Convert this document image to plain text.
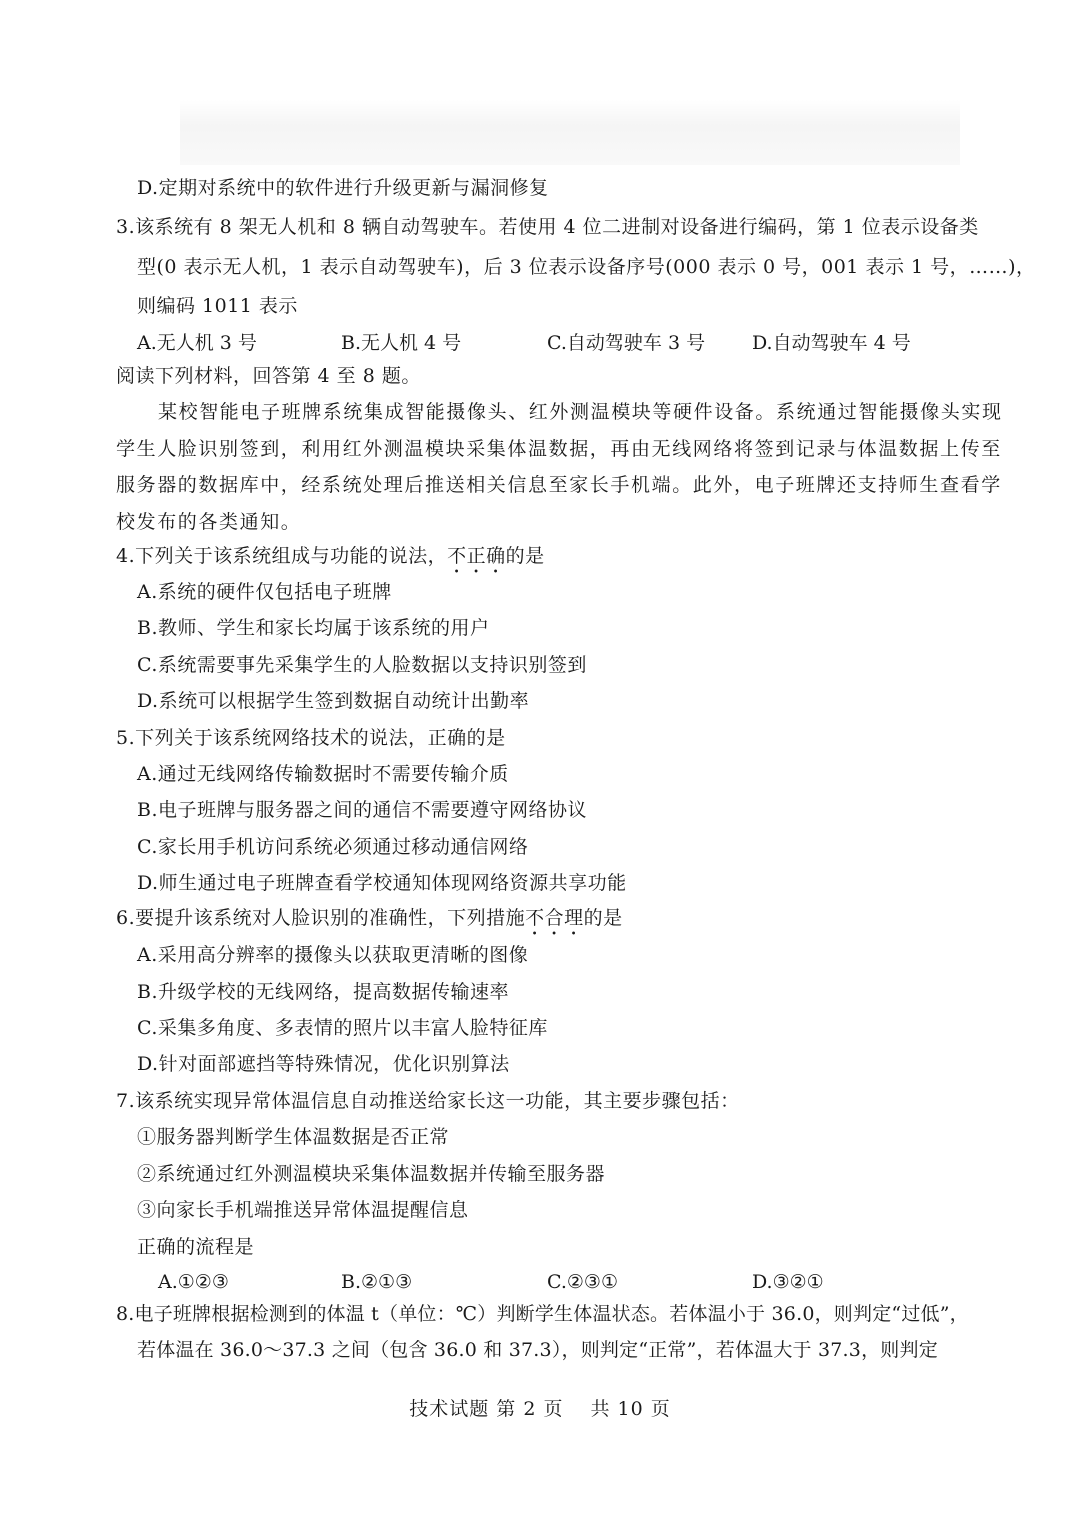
D.定期对系统中的软件进行升级更新与漏洞修复
3.该系统有 8 架无人机和 8 辆自动驾驶车。若使用 4 位二进制对设备进行编码，第 1 位表示设备类
型(0 表示无人机，1 表示自动驾驶车)，后 3 位表示设备序号(000 表示 0 号，001 表示 1 号，……)，
则编码 1011 表示
A.无人机 3 号	B.无人机 4 号	C.自动驾驶车 3 号 D.自动驾驶车 4 号
阅读下列材料，回答第 4 至 8 题。
某校智能电子班牌系统集成智能摄像头、红外测温模块等硬件设备。系统通过智能摄像头实现
学生人脸识别签到，利用红外测温模块采集体温数据，再由无线网络将签到记录与体温数据上传至
服务器的数据库中，经系统处理后推送相关信息至家长手机端。此外，电子班牌还支持师生查看学
校发布的各类通知。
4.下列关于该系统组成与功能的说法，不正确的是
A.系统的硬件仅包括电子班牌
B.教师、学生和家长均属于该系统的用户
C.系统需要事先采集学生的人脸数据以支持识别签到
D.系统可以根据学生签到数据自动统计出勤率
5.下列关于该系统网络技术的说法，正确的是
A.通过无线网络传输数据时不需要传输介质
B.电子班牌与服务器之间的通信不需要遵守网络协议
C.家长用手机访问系统必须通过移动通信网络
D.师生通过电子班牌查看学校通知体现网络资源共享功能
6.要提升该系统对人脸识别的准确性，下列措施不合理的是
A.采用高分辨率的摄像头以获取更清晰的图像
B.升级学校的无线网络，提高数据传输速率
C.采集多角度、多表情的照片以丰富人脸特征库
D.针对面部遮挡等特殊情况，优化识别算法
7.该系统实现异常体温信息自动推送给家长这一功能，其主要步骤包括：
①服务器判断学生体温数据是否正常
②系统通过红外测温模块采集体温数据并传输至服务器
③向家长手机端推送异常体温提醒信息
正确的流程是
A.①②③	B.②①③	C.②③①	D.③②①
8.电子班牌根据检测到的体温 t（单位：℃）判断学生体温状态。若体温小于 36.0，则判定“过低”，
若体温在 36.0～37.3 之间（包含 36.0 和 37.3），则判定“正常”，若体温大于 37.3，则判定
技术试题 第 2 页 　共 10 页
